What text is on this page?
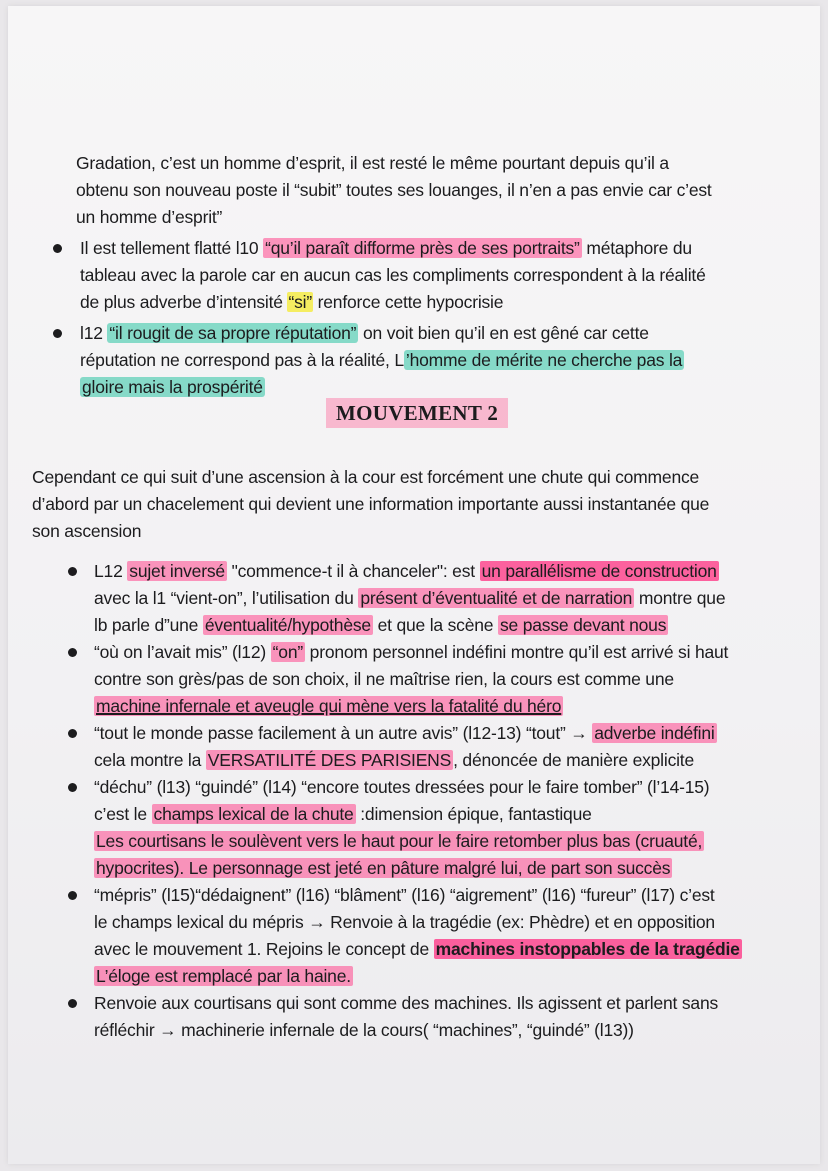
Gradation, c’est un homme d’esprit, il est resté le même pourtant depuis qu’il a
obtenu son nouveau poste il “subit” toutes ses louanges, il n’en a pas envie car c’est
un homme d’esprit”
Il est tellement flatté l10 “qu’il paraît difforme près de ses portraits” métaphore du
tableau avec la parole car en aucun cas les compliments correspondent à la réalité
de plus adverbe d’intensité “si” renforce cette hypocrisie
l12 “il rougit de sa propre réputation” on voit bien qu’il en est gêné car cette
réputation ne correspond pas à la réalité, L ’homme de mérite ne cherche pas la
gloire mais la prospérité
MOUVEMENT 2
Cependant ce qui suit d’une ascension à la cour est forcément une chute qui commence
d’abord par un chacelement qui devient une information importante aussi instantanée que
son ascension
L12 sujet inversé "commence-t il à chanceler": est un parallélisme de construction
avec la l1 “vient-on”, l’utilisation du présent d’éventualité et de narration montre que
lb parle d”une éventualité/hypothèse et que la scène se passe devant nous
“où on l’avait mis” (l12) “on” pronom personnel indéfini montre qu’il est arrivé si haut
contre son grès/pas de son choix, il ne maîtrise rien, la cours est comme une
machine infernale et aveugle qui mène vers la fatalité du héro
“tout le monde passe facilement à un autre avis” (l12-13) “tout” → adverbe indéfini
cela montre la VERSATILITÉ DES PARISIENS , dénoncée de manière explicite
“déchu” (l13) “guindé” (l14) “encore toutes dressées pour le faire tomber” (l’14-15)
c’est le champs lexical de la chute :dimension épique, fantastique
Les courtisans le soulèvent vers le haut pour le faire retomber plus bas (cruauté,
hypocrites). Le personnage est jeté en pâture malgré lui, de part son succès
“mépris” (l15)“dédaignent” (l16) “blâment” (l16) “aigrement” (l16) “fureur” (l17) c’est
le champs lexical du mépris → Renvoie à la tragédie (ex: Phèdre) et en opposition
avec le mouvement 1. Rejoins le concept de machines instoppables de la tragédie
L’éloge est remplacé par la haine.
Renvoie aux courtisans qui sont comme des machines. Ils agissent et parlent sans
réfléchir → machinerie infernale de la cours( “machines”, “guindé” (l13))
